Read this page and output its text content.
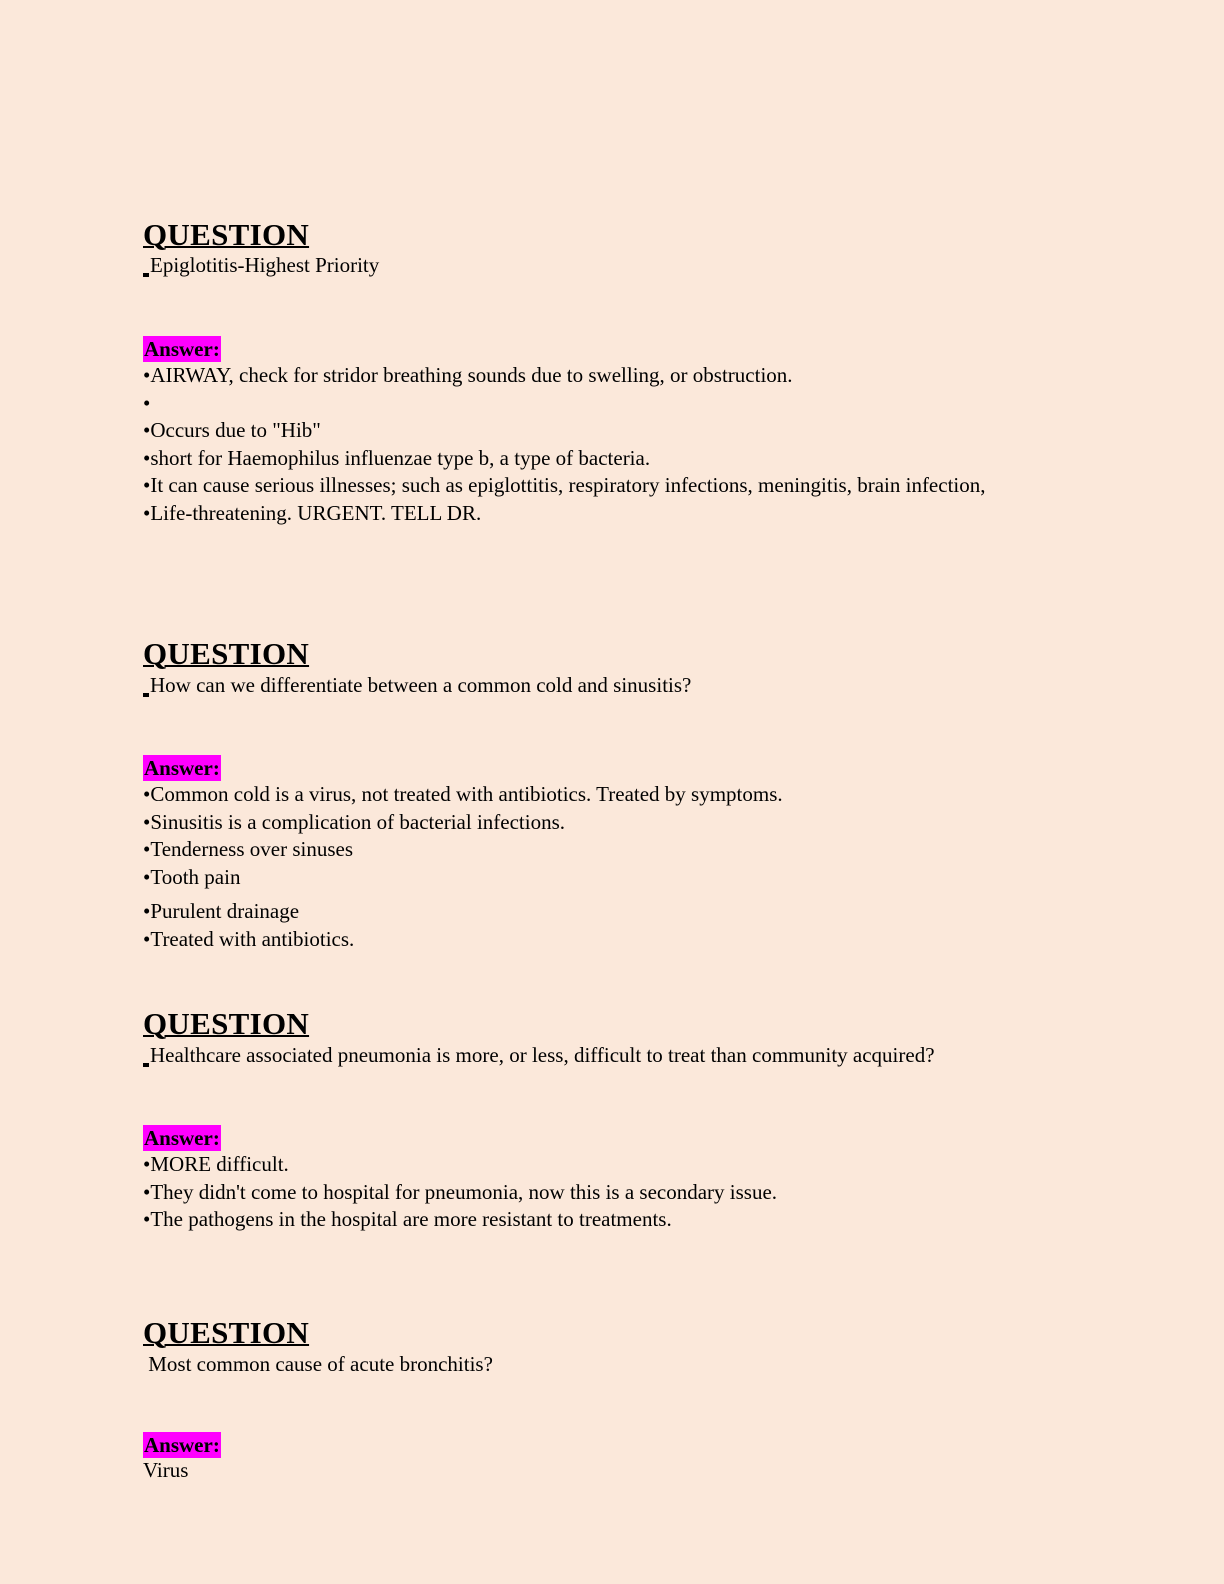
QUESTION
Epiglotitis-Highest Priority
Answer:
•AIRWAY, check for stridor breathing sounds due to swelling, or obstruction.
•
•Occurs due to "Hib"
•short for Haemophilus influenzae type b, a type of bacteria.
•It can cause serious illnesses; such as epiglottitis, respiratory infections, meningitis, brain infection,
•Life-threatening. URGENT. TELL DR.
QUESTION
How can we differentiate between a common cold and sinusitis?
Answer:
•Common cold is a virus, not treated with antibiotics. Treated by symptoms.
•Sinusitis is a complication of bacterial infections.
•Tenderness over sinuses
•Tooth pain
•Purulent drainage
•Treated with antibiotics.
QUESTION
Healthcare associated pneumonia is more, or less, difficult to treat than community acquired?
Answer:
•MORE difficult.
•They didn't come to hospital for pneumonia, now this is a secondary issue.
•The pathogens in the hospital are more resistant to treatments.
QUESTION
Most common cause of acute bronchitis?
Answer:
Virus
